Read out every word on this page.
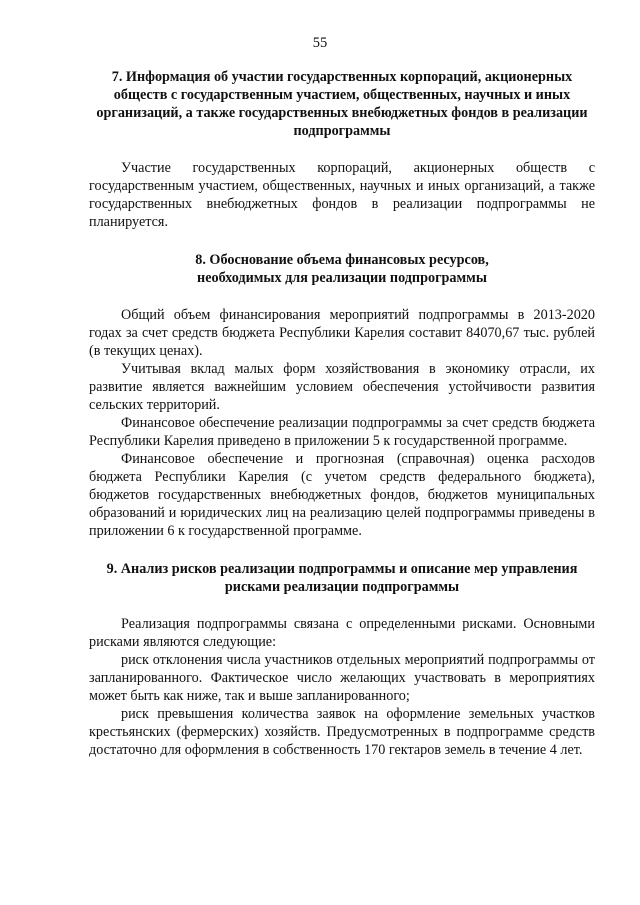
55

7. Информация об участии государственных корпораций, акционерных
обществ с государственным участием, общественных, научных и иных
организаций, а также государственных внебюджетных фондов в реализации
подпрограммы

Участие государственных корпораций, акционерных обществ с государственным участием, общественных, научных и иных организаций, а также государственных внебюджетных фондов в реализации подпрограммы не планируется.

8. Обоснование объема финансовых ресурсов,
необходимых для реализации подпрограммы

Общий объем финансирования мероприятий подпрограммы в 2013-2020 годах за счет средств бюджета Республики Карелия составит 84070,67 тыс. рублей (в текущих ценах).

Учитывая вклад малых форм хозяйствования в экономику отрасли, их развитие является важнейшим условием обеспечения устойчивости развития сельских территорий.

Финансовое обеспечение реализации подпрограммы за счет средств бюджета Республики Карелия приведено в приложении 5 к государственной программе.

Финансовое обеспечение и прогнозная (справочная) оценка расходов бюджета Республики Карелия (с учетом средств федерального бюджета), бюджетов государственных внебюджетных фондов, бюджетов муниципальных образований и юридических лиц на реализацию целей подпрограммы приведены в приложении 6 к государственной программе.

9. Анализ рисков реализации подпрограммы и описание мер управления
рисками реализации подпрограммы

Реализация подпрограммы связана с определенными рисками. Основными рисками являются следующие:

риск отклонения числа участников отдельных мероприятий подпрограммы от запланированного. Фактическое число желающих участвовать в мероприятиях может быть как ниже, так и выше запланированного;

риск превышения количества заявок на оформление земельных участков крестьянских (фермерских) хозяйств. Предусмотренных в подпрограмме средств достаточно для оформления в собственность 170 гектаров земель в течение 4 лет.
